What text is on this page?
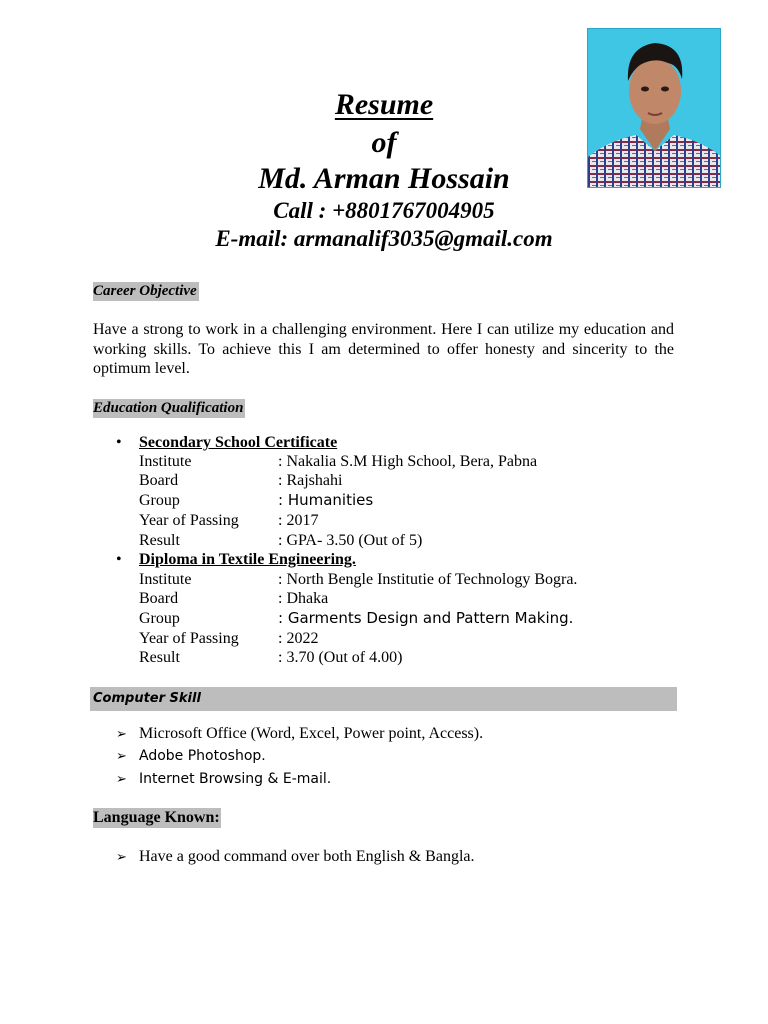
Resume
of
Md. Arman Hossain
Call : +8801767004905
E-mail: armanalif3035@gmail.com
Career Objective
Have a strong to work in a challenging environment. Here I can utilize my education and working skills. To achieve this I am determined to offer honesty and sincerity to the optimum level.
Education Qualification
• Secondary School Certificate
Institute	: Nakalia S.M High School, Bera, Pabna
Board	: Rajshahi
Group	: Humanities
Year of Passing : 2017
Result	: GPA- 3.50 (Out of 5)
• Diploma in Textile Engineering.
Institute	: North Bengle Institutie of Technology Bogra.
Board	: Dhaka
Group	: Garments Design and Pattern Making.
Year of Passing : 2022
Result	: 3.70 (Out of 4.00)
Computer Skill
➢ Microsoft Office (Word, Excel, Power point, Access).
➢ Adobe Photoshop.
➢ Internet Browsing & E-mail.
Language Known:
➢ Have a good command over both English & Bangla.
